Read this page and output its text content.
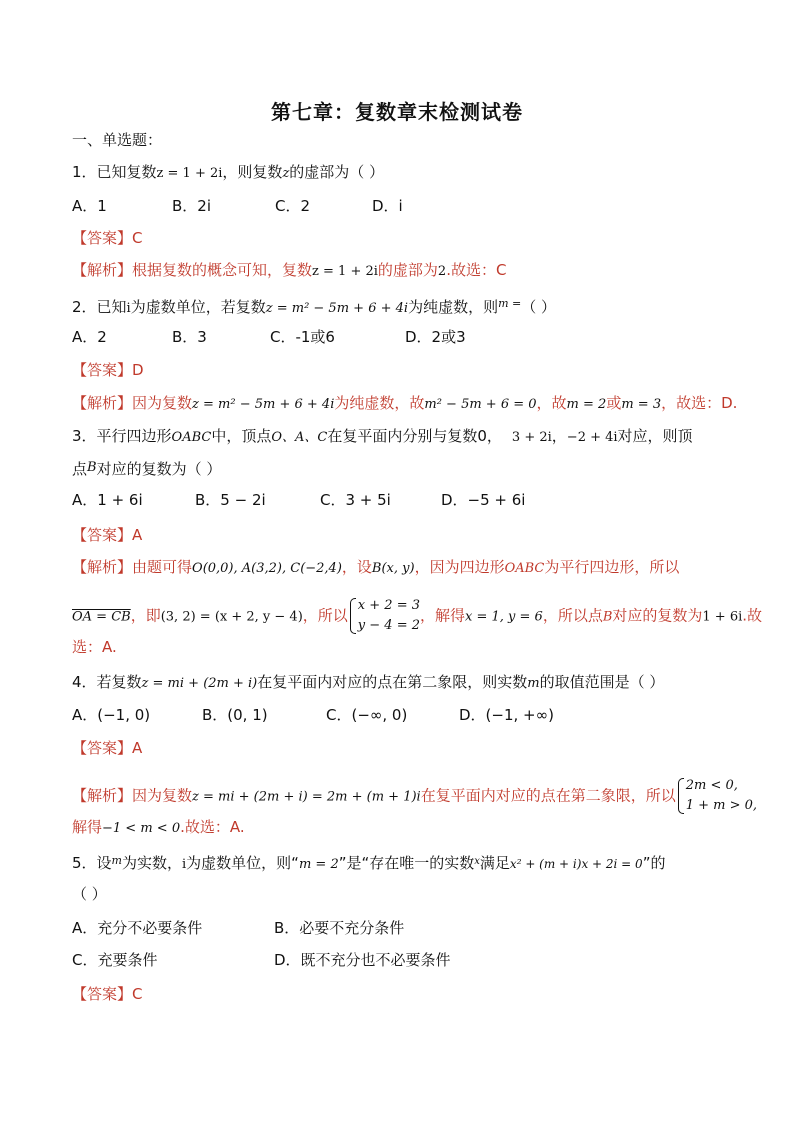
第七章：复数章末检测试卷
一、单选题：
1．已知复数z = 1 + 2i，则复数z的虚部为（ ）
A．1	B．2i	C．2	D．i
【答案】C
【解析】根据复数的概念可知，复数z = 1 + 2i的虚部为2.故选：C
2．已知i为虚数单位，若复数z = m² − 5m + 6 + 4i为纯虚数，则$^{m =}$（ ）
A．2	B．3	C．-1或6	D．2或3
【答案】D
【解析】因为复数z = m² − 5m + 6 + 4i为纯虚数，故m² − 5m + 6 = 0，故m = 2或m = 3，故选：D.
3．平行四边形OABC中，顶点O、A、C在复平面内分别与复数0， 3 + 2i，−2 + 4i对应，则顶
点B对应的复数为（ ）
A．1 + 6i	B．5 − 2i	C．3 + 5i	D．−5 + 6i
【答案】A
【解析】由题可得O(0,0), A(3,2), C(−2,4)，设B(x, y)，因为四边形OABC为平行四边形，所以
OA = CB，即(3, 2) = (x + 2, y − 4)，所以
x + 2 = 3
y − 4 = 2
，解得x = 1, y = 6，所以点B对应的复数为1 + 6i.故
选：A.
4．若复数z = mi + (2m + i)在复平面内对应的点在第二象限，则实数m的取值范围是（ ）
A．(−1, 0)	B．(0, 1)	C．(−∞, 0)	D．(−1, +∞)
【答案】A
【解析】因为复数z = mi + (2m + i) = 2m + (m + 1)i在复平面内对应的点在第二象限，所以
2m < 0,
1 + m > 0,
解得−1 < m < 0.故选：A.
5．设$^m$为实数，i为虚数单位，则“m = 2”是“存在唯一的实数$^x$满足x² + (m + i)x + 2i = 0”的
（ ）
A．充分不必要条件	B．必要不充分条件
C．充要条件	D．既不充分也不必要条件
【答案】C
